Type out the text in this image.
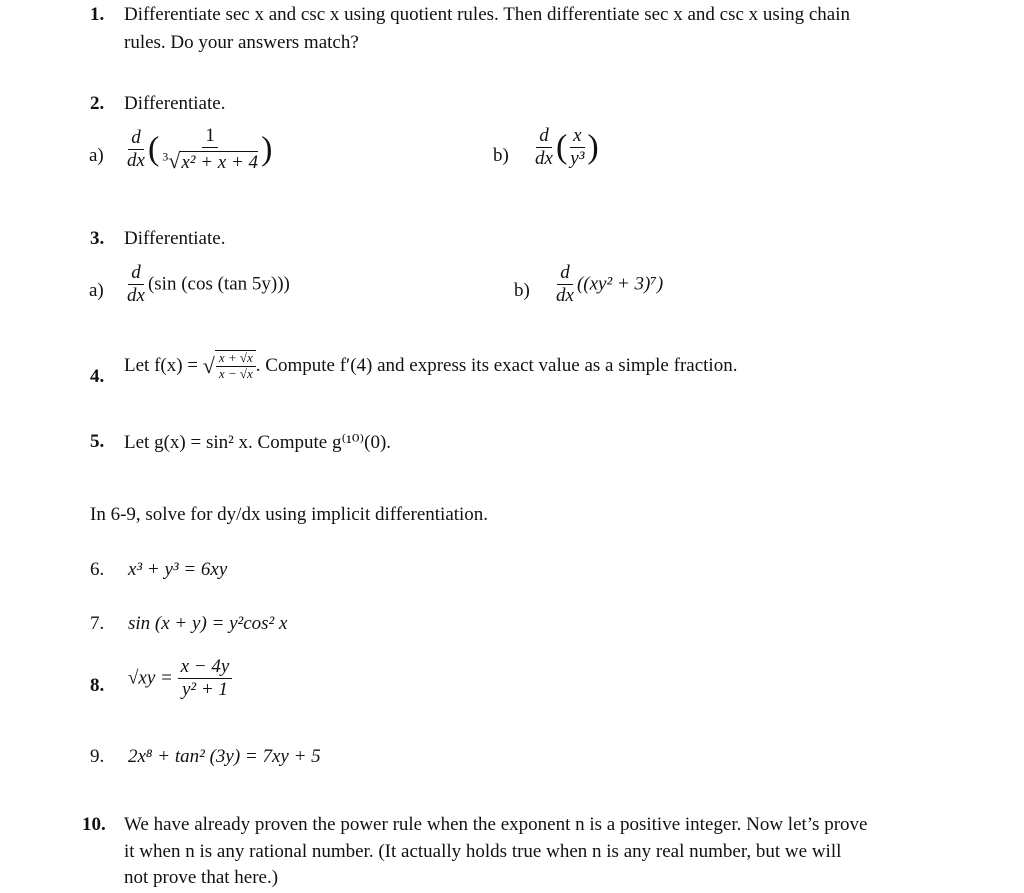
1. Differentiate sec x and csc x using quotient rules. Then differentiate sec x and csc x using chain
rules. Do your answers match?
2. Differentiate.
$a) \frac{d}{dx}$ ( $\frac{1}{^3√x^2 + x + 4}$ )	$b) \frac{d}{dx}$ ( $\frac{x}{\text{y³}}$ )
3. Differentiate.
$a) \frac{d}{dx} (\sin$ (cos (tan 5y)))	$b) \frac{d}{dx} ((xy^2 + 3)^7)$
4.
Let f(x) = √ $\frac{x + √x}{x - √x}$ . Compute f′(4) and express its exact value as a simple fraction.
5. Let g(x) = sin² x. Compute g⁽¹⁰⁾(0).
In 6-9, solve for dy/dx using implicit differentiation.
6. x³ + y³ = 6xy
7. sin (x + y) = y²cos² x
8. $√xy = \frac{x - 4y}{\text{y² + 1}}$
9. 2x⁸ + tan² (3y) = 7xy + 5
10. We have already proven the power rule when the exponent n is a positive integer. Now let’s prove
it when n is any rational number. (It actually holds true when n is any real number, but we will
not prove that here.)
